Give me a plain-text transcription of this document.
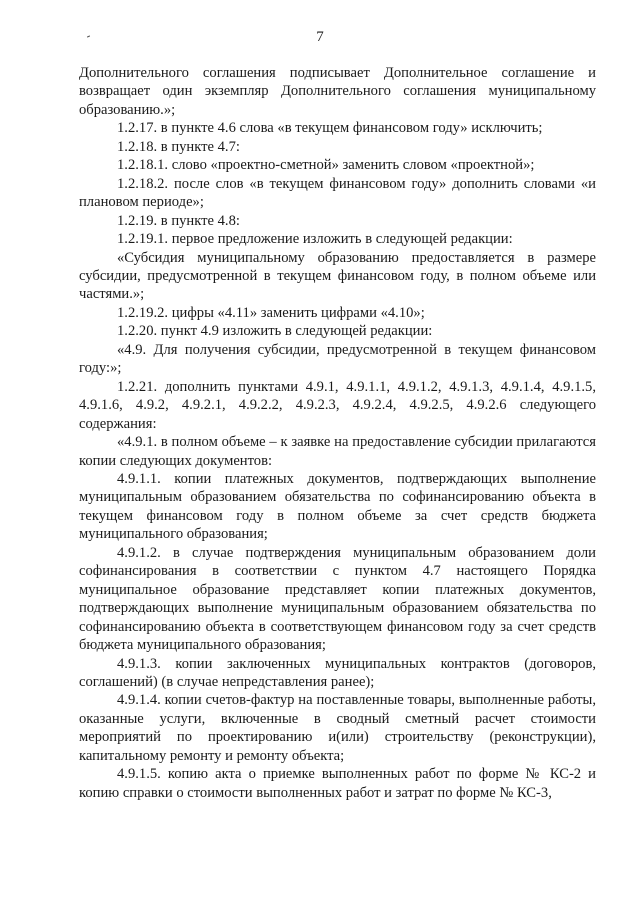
7

Дополнительного соглашения подписывает Дополнительное соглашение и возвращает один экземпляр Дополнительного соглашения муниципальному образованию.»;

1.2.17. в пункте 4.6 слова «в текущем финансовом году» исключить;

1.2.18. в пункте 4.7:

1.2.18.1. слово «проектно-сметной» заменить словом «проектной»;

1.2.18.2. после слов «в текущем финансовом году» дополнить словами «и плановом периоде»;

1.2.19. в пункте 4.8:

1.2.19.1. первое предложение изложить в следующей редакции:

«Субсидия муниципальному образованию предоставляется в размере субсидии, предусмотренной в текущем финансовом году, в полном объеме или частями.»;

1.2.19.2. цифры «4.11» заменить цифрами «4.10»;

1.2.20. пункт 4.9 изложить в следующей редакции:

«4.9. Для получения субсидии, предусмотренной в текущем финансовом году:»;

1.2.21. дополнить пунктами 4.9.1, 4.9.1.1, 4.9.1.2, 4.9.1.3, 4.9.1.4, 4.9.1.5, 4.9.1.6, 4.9.2, 4.9.2.1, 4.9.2.2, 4.9.2.3, 4.9.2.4, 4.9.2.5, 4.9.2.6 следующего содержания:

«4.9.1. в полном объеме – к заявке на предоставление субсидии прилагаются копии следующих документов:

4.9.1.1. копии платежных документов, подтверждающих выполнение муниципальным образованием обязательства по софинансированию объекта в текущем финансовом году в полном объеме за счет средств бюджета муниципального образования;

4.9.1.2. в случае подтверждения муниципальным образованием доли софинансирования в соответствии с пунктом 4.7 настоящего Порядка муниципальное образование представляет копии платежных документов, подтверждающих выполнение муниципальным образованием обязательства по софинансированию объекта в соответствующем финансовом году за счет средств бюджета муниципального образования;

4.9.1.3. копии заключенных муниципальных контрактов (договоров, соглашений) (в случае непредставления ранее);

4.9.1.4. копии счетов-фактур на поставленные товары, выполненные работы, оказанные услуги, включенные в сводный сметный расчет стоимости мероприятий по проектированию и(или) строительству (реконструкции), капитальному ремонту и ремонту объекта;

4.9.1.5. копию акта о приемке выполненных работ по форме № КС-2 и копию справки о стоимости выполненных работ и затрат по форме № КС-3,
